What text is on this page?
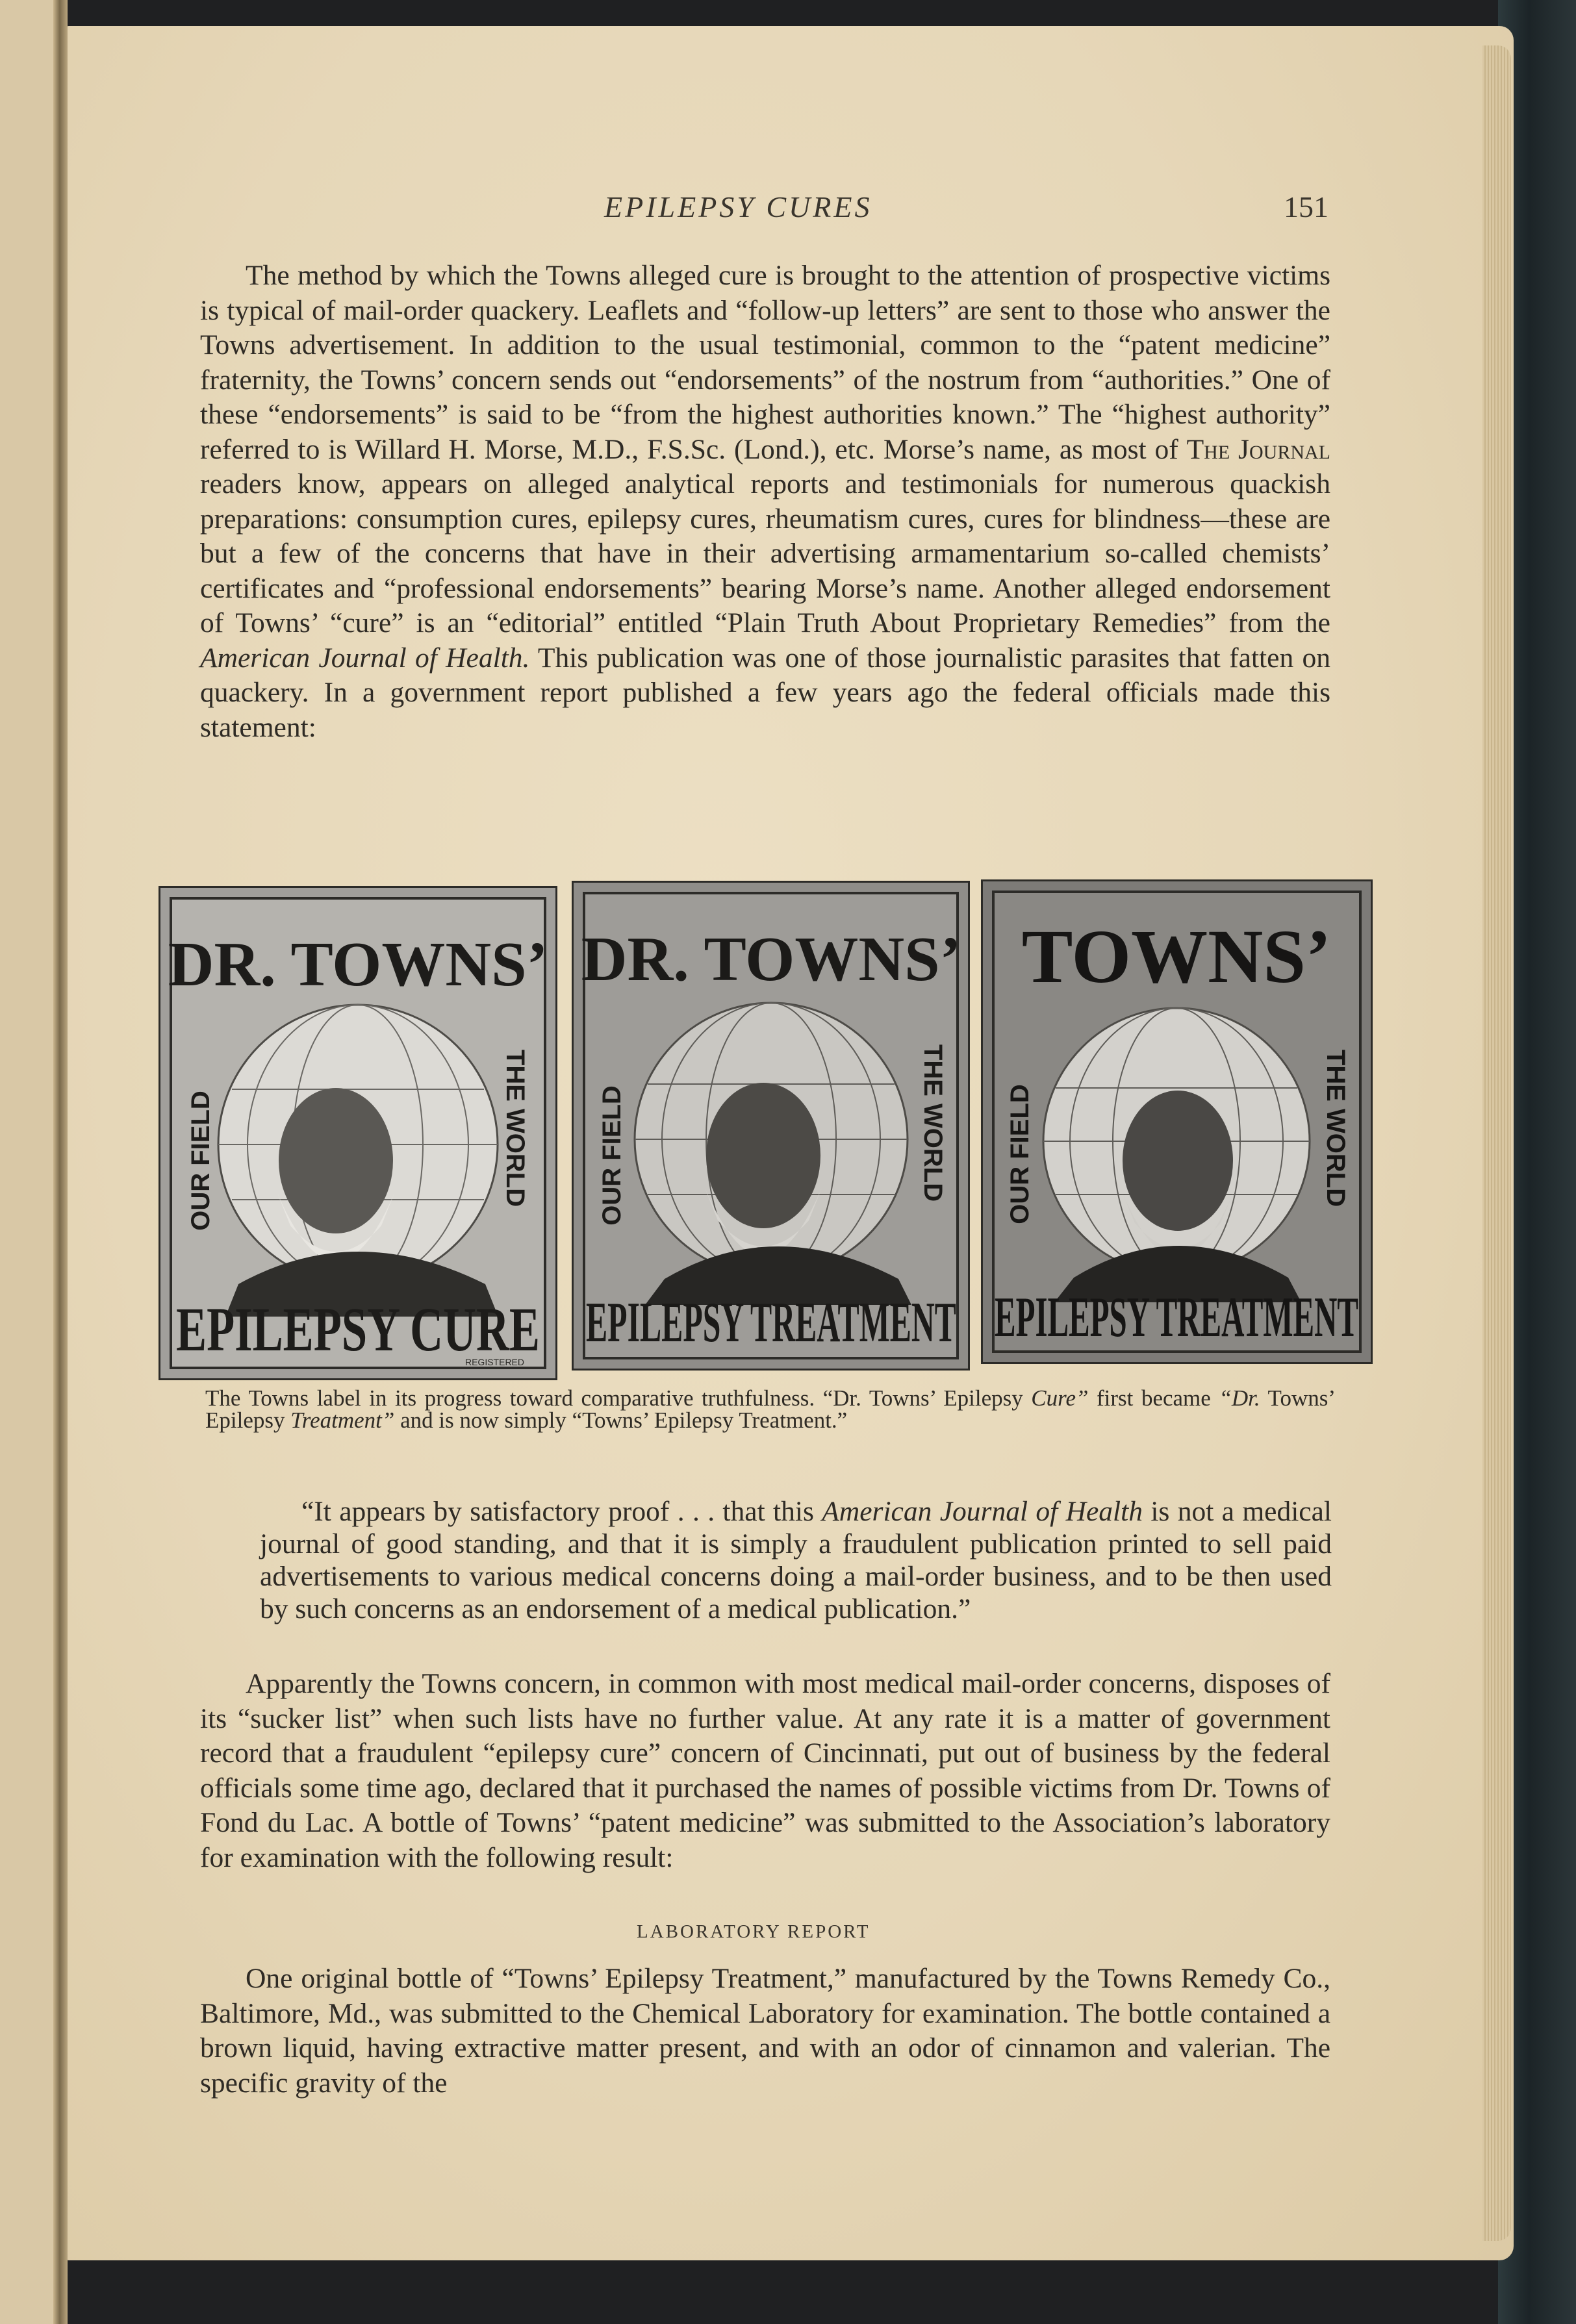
EPILEPSY CURES	151

The method by which the Towns alleged cure is brought to the attention of prospective victims is typical of mail-order quackery. Leaflets and “follow-up letters” are sent to those who answer the Towns advertisement. In addition to the usual testimonial, common to the “patent medicine” fraternity, the Towns’ concern sends out “endorsements” of the nostrum from “authorities.” One of these “endorsements” is said to be “from the highest authorities known.” The “highest authority” referred to is Willard H. Morse, M.D., F.S.Sc. (Lond.), etc. Morse’s name, as most of The Journal readers know, appears on alleged analytical reports and testimonials for numerous quackish preparations: consumption cures, epilepsy cures, rheumatism cures, cures for blindness—these are but a few of the concerns that have in their advertising armamentarium so-called chemists’ certificates and “professional endorsements” bearing Morse’s name. Another alleged endorsement of Towns’ “cure” is an “editorial” entitled “Plain Truth About Proprietary Remedies” from the American Journal of Health. This publication was one of those journalistic parasites that fatten on quackery. In a government report published a few years ago the federal officials made this statement:

DR. TOWNS’
OUR FIELD	THE WORLD
EPILEPSY CURE
REGISTERED
DR. TOWNS’
OUR FIELD	THE WORLD
EPILEPSY TREATMENT
TOWNS’
OUR FIELD	THE WORLD
EPILEPSY TREATMENT
The Towns label in its progress toward comparative truthfulness. “Dr. Towns’ Epilepsy Cure” first became “Dr. Towns’ Epilepsy Treatment” and is now simply “Towns’ Epilepsy Treatment.”

“It appears by satisfactory proof . . . that this American Journal of Health is not a medical journal of good standing, and that it is simply a fraudulent publication printed to sell paid advertisements to various medical concerns doing a mail-order business, and to be then used by such concerns as an endorsement of a medical publication.”

Apparently the Towns concern, in common with most medical mail-order concerns, disposes of its “sucker list” when such lists have no further value. At any rate it is a matter of government record that a fraudulent “epilepsy cure” concern of Cincinnati, put out of business by the federal officials some time ago, declared that it purchased the names of possible victims from Dr. Towns of Fond du Lac. A bottle of Towns’ “patent medicine” was submitted to the Association’s laboratory for examination with the following result:

LABORATORY REPORT

One original bottle of “Towns’ Epilepsy Treatment,” manufactured by the Towns Remedy Co., Baltimore, Md., was submitted to the Chemical Laboratory for examination. The bottle contained a brown liquid, having extractive matter present, and with an odor of cinnamon and valerian. The specific gravity of the
